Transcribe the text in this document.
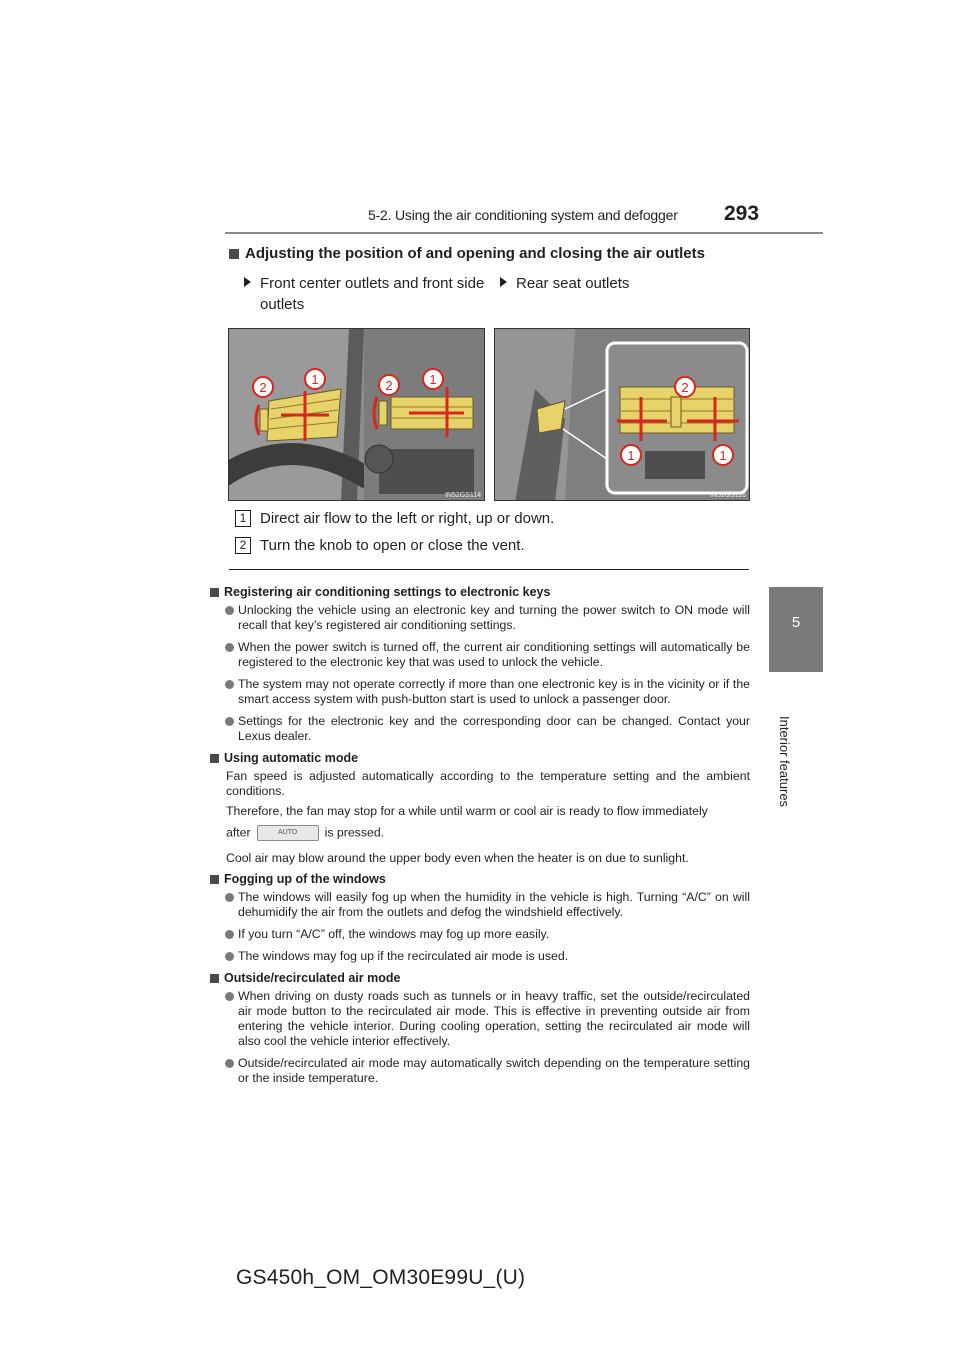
5-2. Using the air conditioning system and defogger 293
5
Interior features
Adjusting the position of and opening and closing the air outlets
Front center outlets and front side
outlets
Rear seat outlets
2
1	2	1
IN52GS114
2
1	1
IN52GS116
1 Direct air flow to the left or right, up or down.
2 Turn the knob to open or close the vent.
Registering air conditioning settings to electronic keys
Unlocking the vehicle using an electronic key and turning the power switch to ON mode will recall that key’s registered air conditioning settings.
When the power switch is turned off, the current air conditioning settings will automatically be registered to the electronic key that was used to unlock the vehicle.
The system may not operate correctly if more than one electronic key is in the vicinity or if the smart access system with push-button start is used to unlock a passenger door.
Settings for the electronic key and the corresponding door can be changed. Contact your Lexus dealer.
Using automatic mode
Fan speed is adjusted automatically according to the temperature setting and the ambient conditions.
Therefore, the fan may stop for a while until warm or cool air is ready to flow immediately
after	AUTO is pressed.
Cool air may blow around the upper body even when the heater is on due to sunlight.
Fogging up of the windows
The windows will easily fog up when the humidity in the vehicle is high. Turning “A/C” on will dehumidify the air from the outlets and defog the windshield effectively.
If you turn “A/C” off, the windows may fog up more easily.
The windows may fog up if the recirculated air mode is used.
Outside/recirculated air mode
When driving on dusty roads such as tunnels or in heavy traffic, set the outside/recirculated air mode button to the recirculated air mode. This is effective in preventing outside air from entering the vehicle interior. During cooling operation, setting the recirculated air mode will also cool the vehicle interior effectively.
Outside/recirculated air mode may automatically switch depending on the temperature setting or the inside temperature.
GS450h_OM_OM30E99U_(U)
